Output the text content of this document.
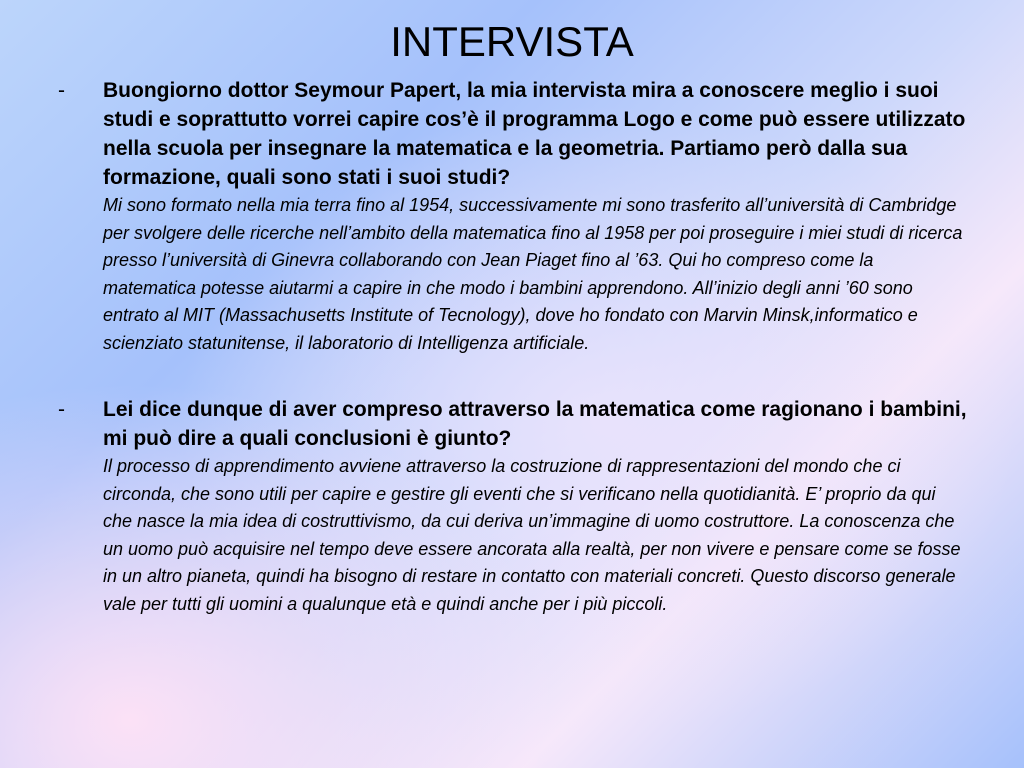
INTERVISTA
- Buongiorno dottor Seymour Papert, la mia intervista mira a conoscere meglio i suoi studi e soprattutto vorrei capire cos’è il programma Logo e come può essere utilizzato nella scuola per insegnare la matematica e la geometria. Partiamo però dalla sua formazione, quali sono stati i suoi studi?

Mi sono formato nella mia terra fino al 1954, successivamente mi sono trasferito all’università di Cambridge per svolgere delle ricerche nell’ambito della matematica fino al 1958 per poi proseguire i miei studi di ricerca presso l’università di Ginevra collaborando con Jean Piaget fino al ’63. Qui ho compreso come la matematica potesse aiutarmi a capire in che modo i bambini apprendono. All’inizio degli anni ’60 sono entrato al MIT (Massachusetts Institute of Tecnology), dove ho fondato con Marvin Minsk,informatico e scienziato statunitense, il laboratorio di Intelligenza artificiale.

- Lei dice dunque di aver compreso attraverso la matematica come ragionano i bambini, mi può dire a quali conclusioni è giunto?

Il processo di apprendimento avviene attraverso la costruzione di rappresentazioni del mondo che ci circonda, che sono utili per capire e gestire gli eventi che si verificano nella quotidianità. E’ proprio da qui che nasce la mia idea di costruttivismo, da cui deriva un’immagine di uomo costruttore. La conoscenza che un uomo può acquisire nel tempo deve essere ancorata alla realtà, per non vivere e pensare come se fosse in un altro pianeta, quindi ha bisogno di restare in contatto con materiali concreti. Questo discorso generale vale per tutti gli uomini a qualunque età e quindi anche per i più piccoli.
